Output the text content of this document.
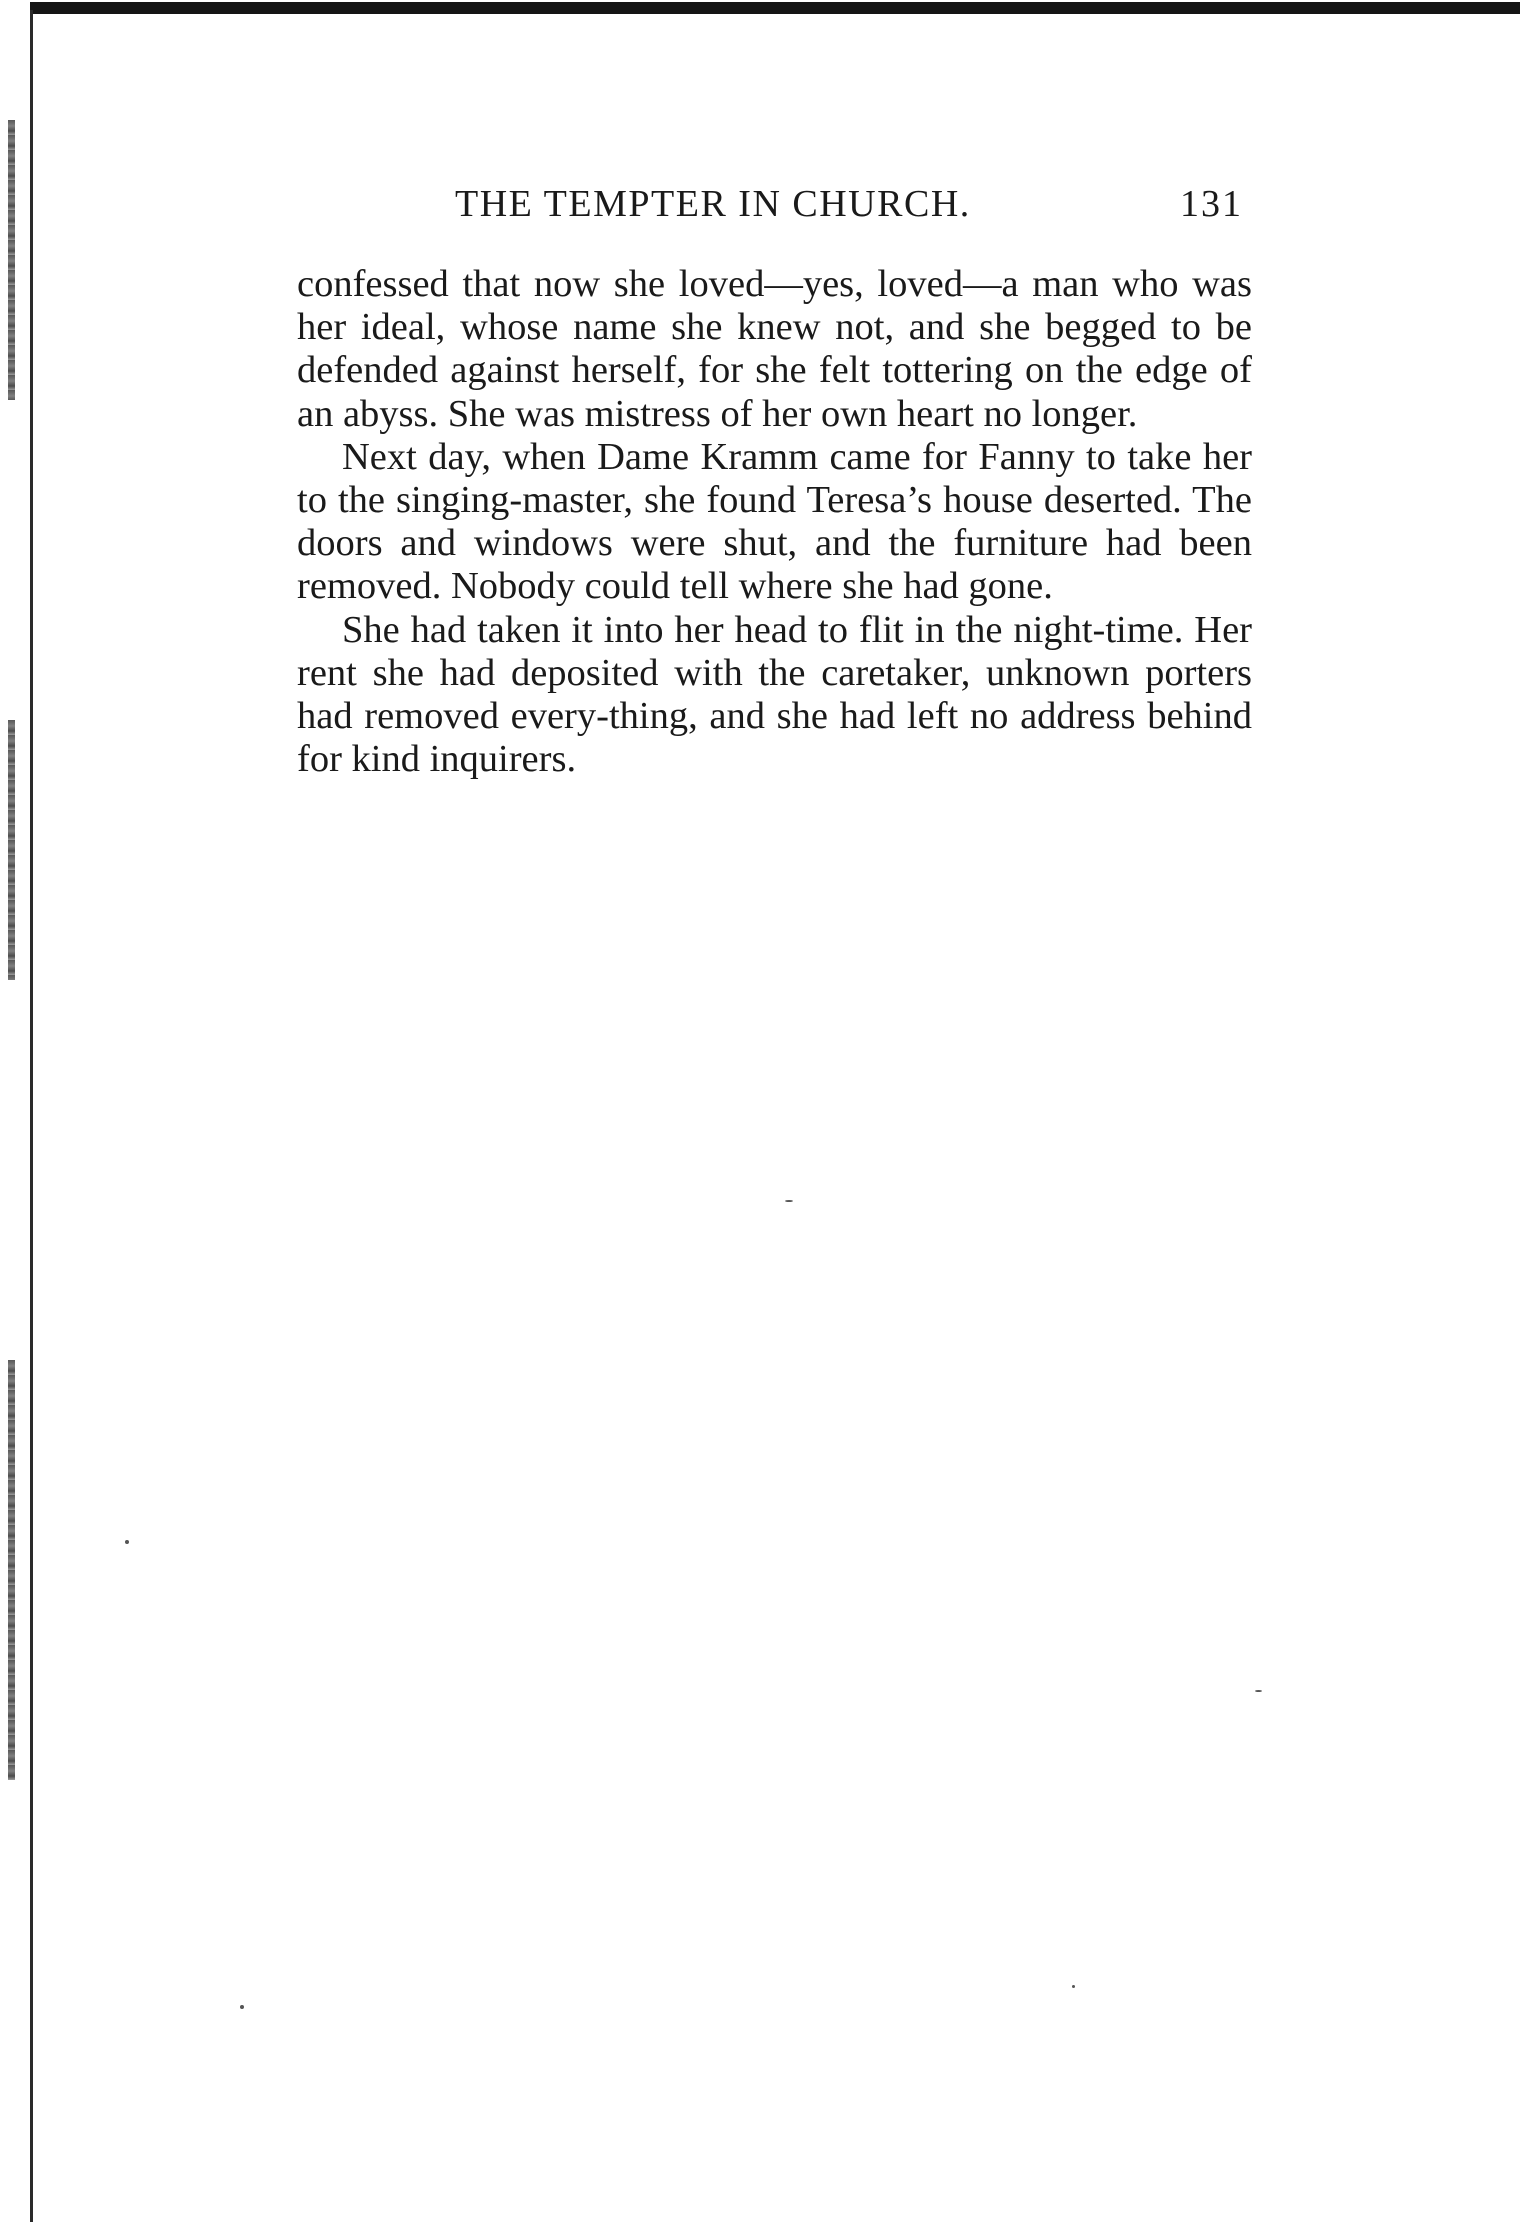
THE TEMPTER IN CHURCH.	131

confessed that now she loved—yes, loved—a man who was her ideal, whose name she knew not, and she begged to be defended against herself, for she felt tottering on the edge of an abyss. She was mistress of her own heart no longer.

Next day, when Dame Kramm came for Fanny to take her to the singing-master, she found Teresa’s house deserted. The doors and windows were shut, and the furniture had been removed. Nobody could tell where she had gone.

She had taken it into her head to flit in the night-time. Her rent she had deposited with the caretaker, unknown porters had removed every-thing, and she had left no address behind for kind inquirers.
